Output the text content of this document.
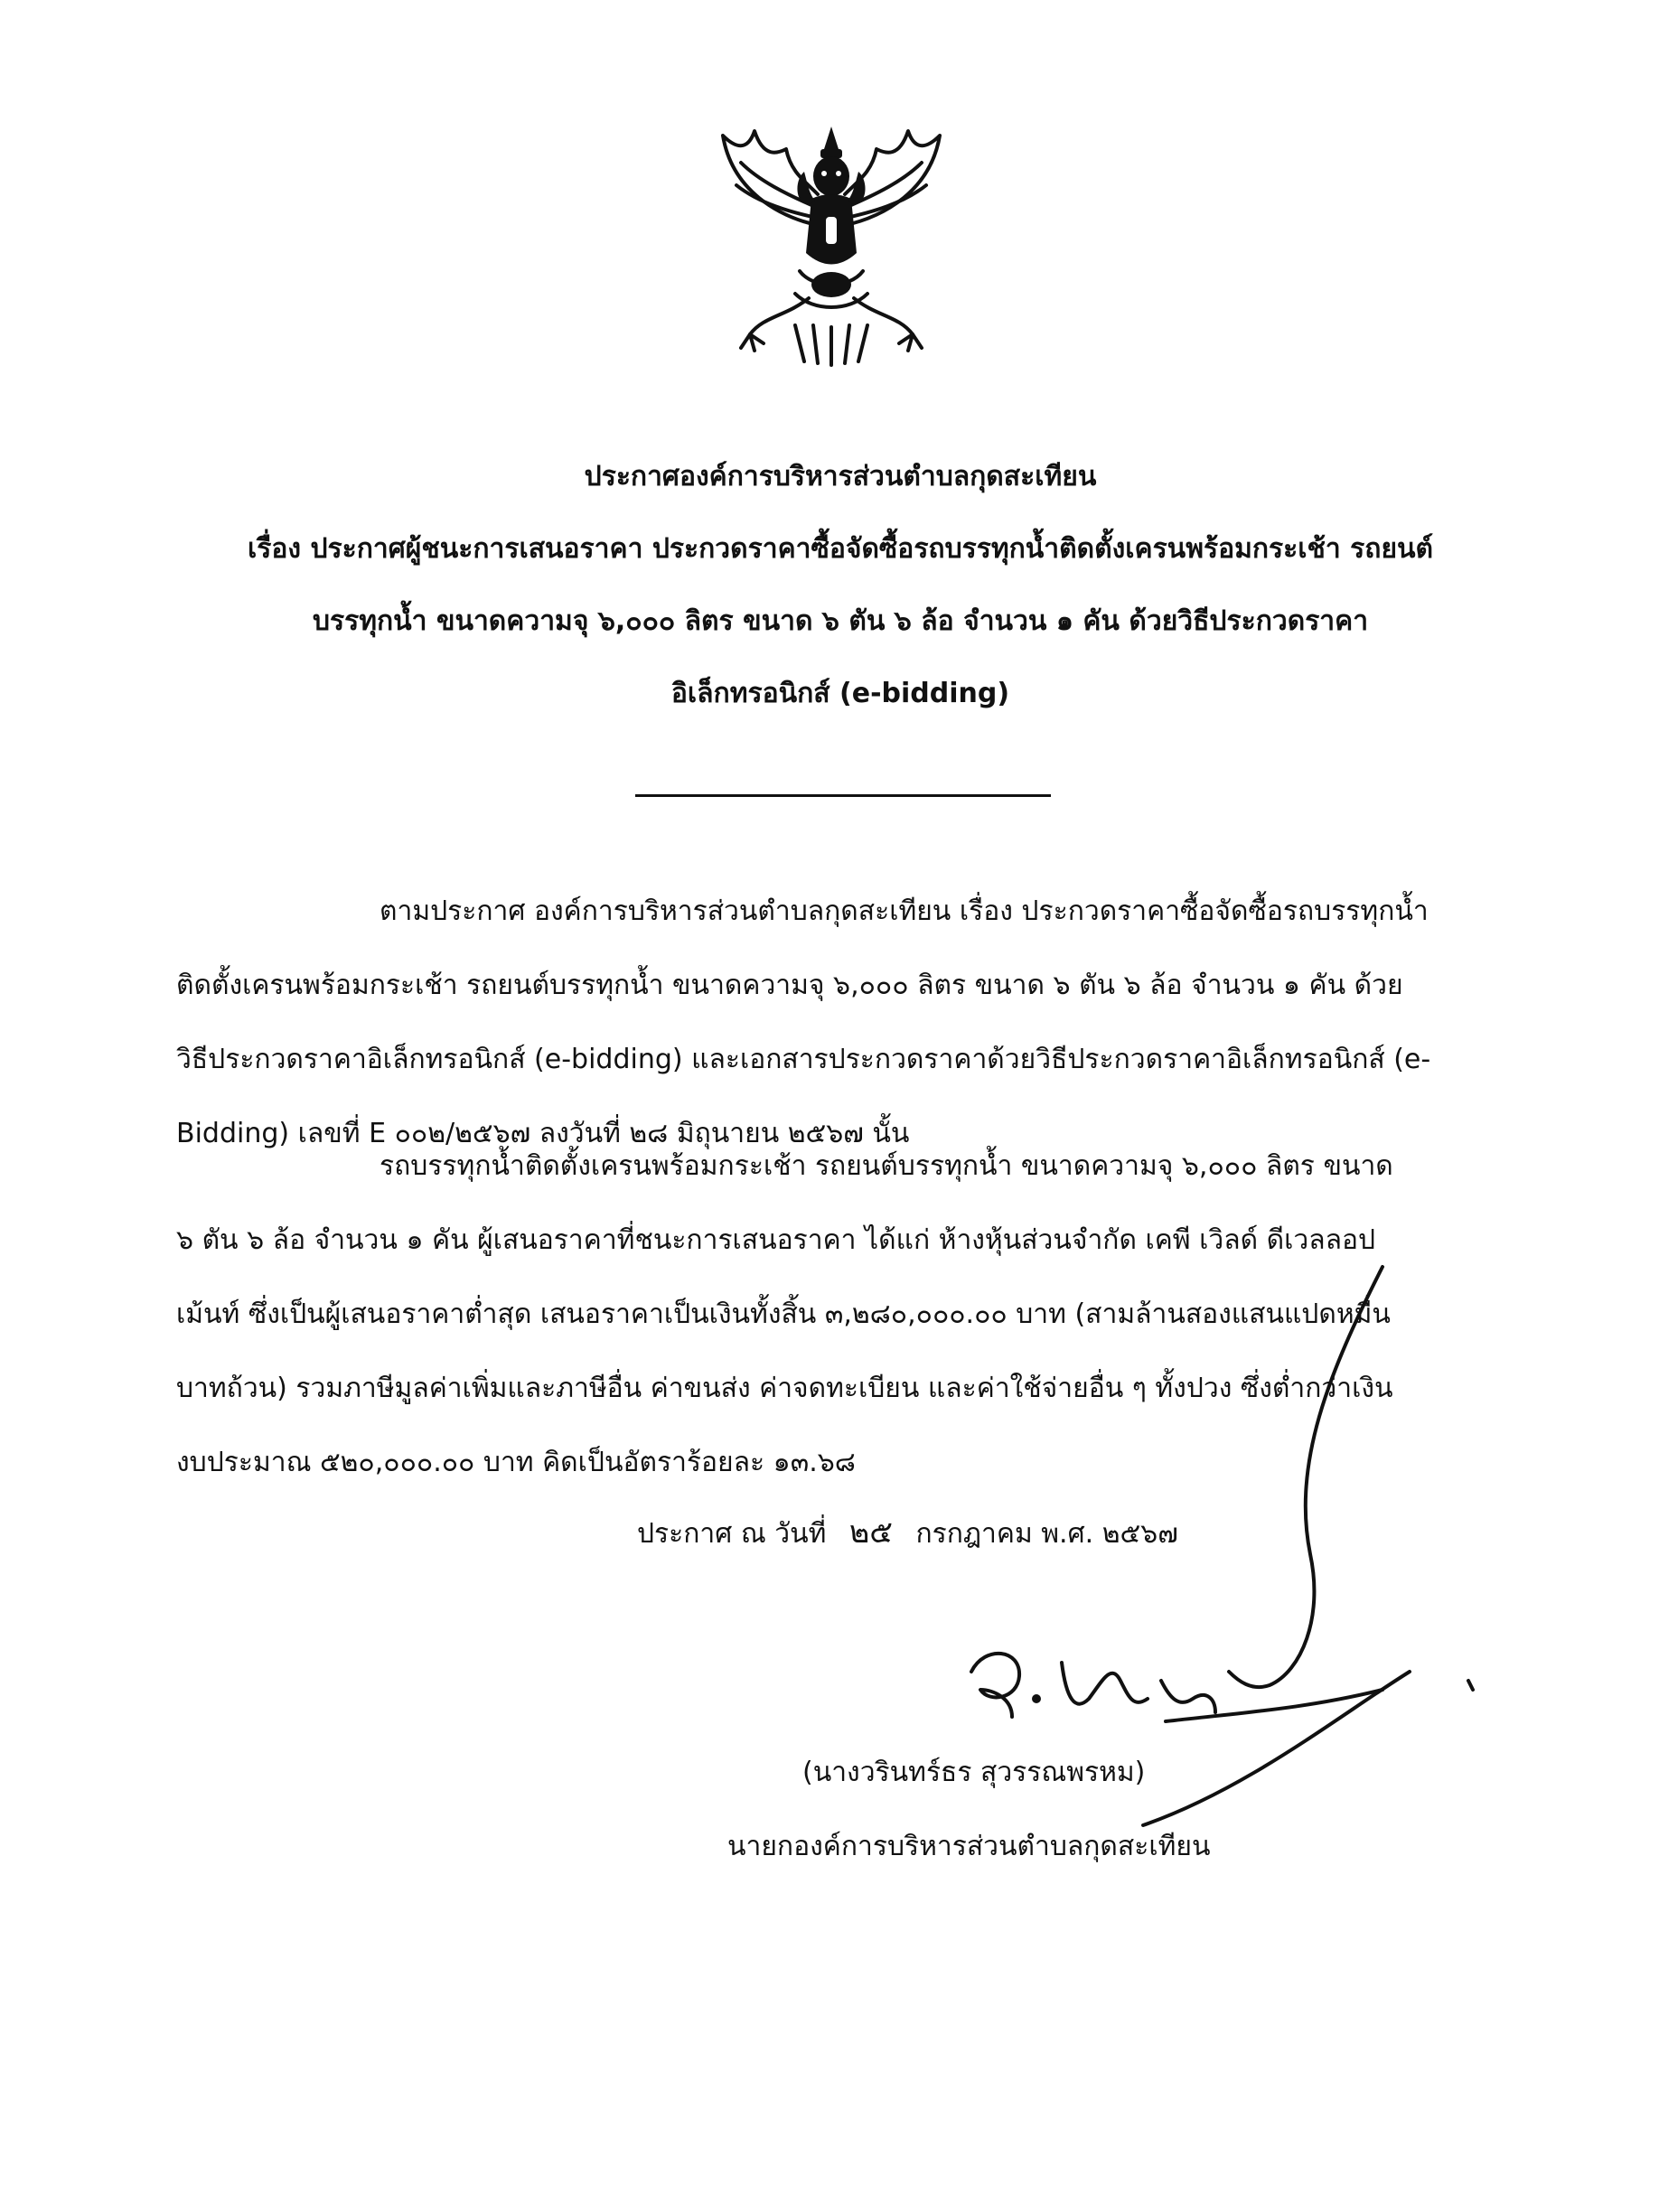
ประกาศองค์การบริหารส่วนตำบลกุดสะเทียน
เรื่อง ประกาศผู้ชนะการเสนอราคา ประกวดราคาซื้อจัดซื้อรถบรรทุกน้ำติดตั้งเครนพร้อมกระเช้า รถยนต์
บรรทุกน้ำ ขนาดความจุ ๖,๐๐๐ ลิตร ขนาด ๖ ตัน ๖ ล้อ จำนวน ๑ คัน ด้วยวิธีประกวดราคา
อิเล็กทรอนิกส์ (e-bidding)
ตามประกาศ องค์การบริหารส่วนตำบลกุดสะเทียน เรื่อง ประกวดราคาซื้อจัดซื้อรถบรรทุกน้ำ
ติดตั้งเครนพร้อมกระเช้า รถยนต์บรรทุกน้ำ ขนาดความจุ ๖,๐๐๐ ลิตร ขนาด ๖ ตัน ๖ ล้อ จำนวน ๑ คัน ด้วย
วิธีประกวดราคาอิเล็กทรอนิกส์ (e-bidding) และเอกสารประกวดราคาด้วยวิธีประกวดราคาอิเล็กทรอนิกส์ (e-
Bidding) เลขที่ E ๐๐๒/๒๕๖๗ ลงวันที่ ๒๘ มิถุนายน ๒๕๖๗ นั้น
รถบรรทุกน้ำติดตั้งเครนพร้อมกระเช้า รถยนต์บรรทุกน้ำ ขนาดความจุ ๖,๐๐๐ ลิตร ขนาด
๖ ตัน ๖ ล้อ จำนวน ๑ คัน ผู้เสนอราคาที่ชนะการเสนอราคา ได้แก่ ห้างหุ้นส่วนจำกัด เคพี เวิลด์ ดีเวลลอป
เม้นท์ ซึ่งเป็นผู้เสนอราคาต่ำสุด เสนอราคาเป็นเงินทั้งสิ้น ๓,๒๘๐,๐๐๐.๐๐ บาท (สามล้านสองแสนแปดหมื่น
บาทถ้วน) รวมภาษีมูลค่าเพิ่มและภาษีอื่น ค่าขนส่ง ค่าจดทะเบียน และค่าใช้จ่ายอื่น ๆ ทั้งปวง ซึ่งต่ำกว่าเงิน
งบประมาณ ๕๒๐,๐๐๐.๐๐ บาท คิดเป็นอัตราร้อยละ ๑๓.๖๘
ประกาศ ณ วันที่ ๒๕ กรกฎาคม พ.ศ. ๒๕๖๗
(นางวรินทร์ธร สุวรรณพรหม)
นายกองค์การบริหารส่วนตำบลกุดสะเทียน
